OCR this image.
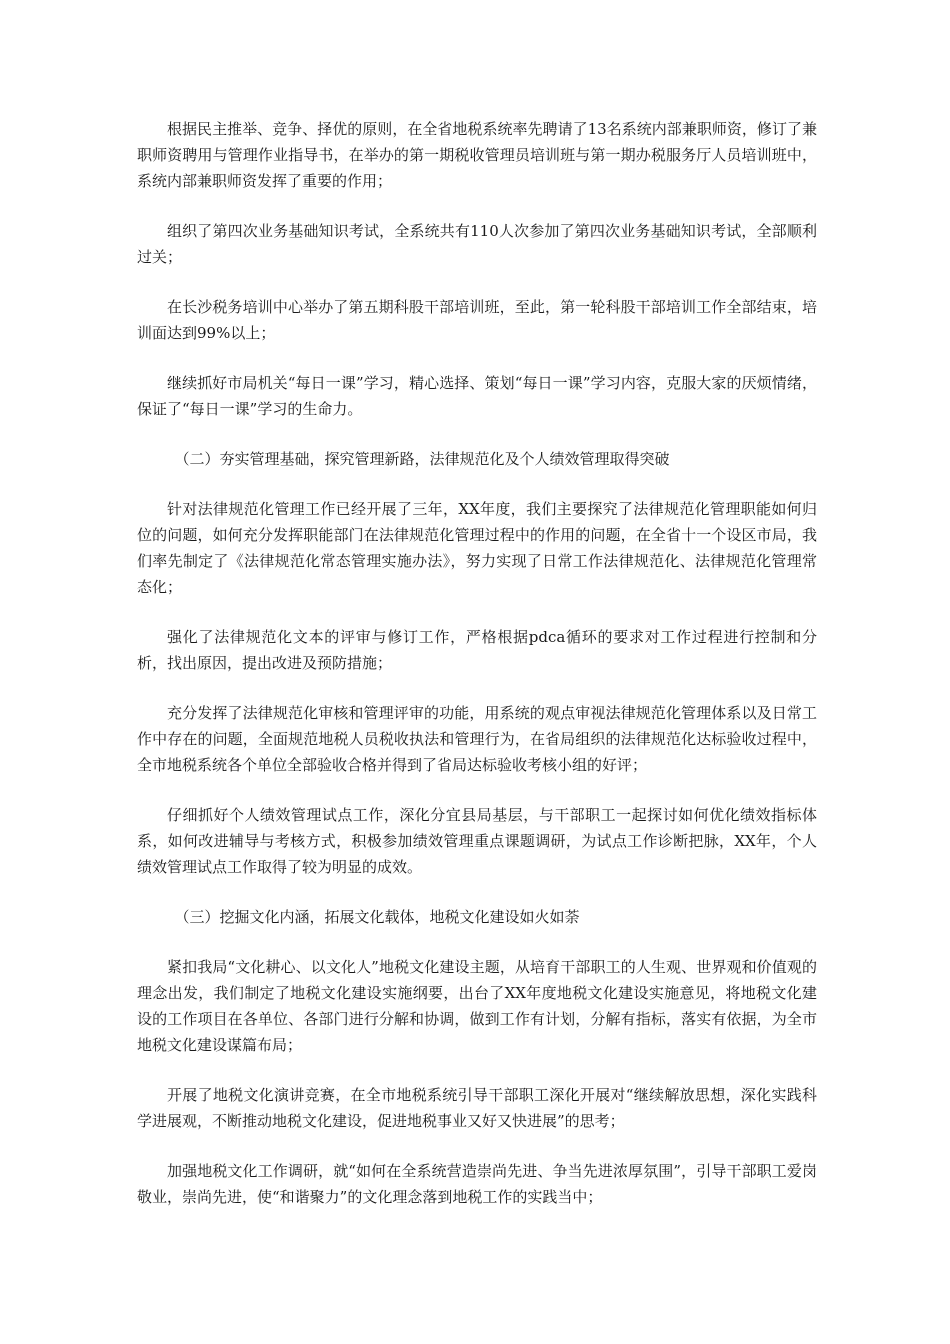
根据民主推举、竞争、择优的原则，在全省地税系统率先聘请了13名系统内部兼职师资，修订了兼职师资聘用与管理作业指导书，在举办的第一期税收管理员培训班与第一期办税服务厅人员培训班中，系统内部兼职师资发挥了重要的作用；

组织了第四次业务基础知识考试，全系统共有110人次参加了第四次业务基础知识考试，全部顺利过关；

在长沙税务培训中心举办了第五期科股干部培训班，至此，第一轮科股干部培训工作全部结束，培训面达到99%以上；

继续抓好市局机关“每日一课”学习，精心选择、策划“每日一课”学习内容，克服大家的厌烦情绪，保证了“每日一课”学习的生命力。

（二）夯实管理基础，探究管理新路，法律规范化及个人绩效管理取得突破

针对法律规范化管理工作已经开展了三年，XX年度，我们主要探究了法律规范化管理职能如何归位的问题，如何充分发挥职能部门在法律规范化管理过程中的作用的问题，在全省十一个设区市局，我们率先制定了《法律规范化常态管理实施办法》，努力实现了日常工作法律规范化、法律规范化管理常态化；

强化了法律规范化文本的评审与修订工作，严格根据pdca循环的要求对工作过程进行控制和分析，找出原因，提出改进及预防措施；

充分发挥了法律规范化审核和管理评审的功能，用系统的观点审视法律规范化管理体系以及日常工作中存在的问题，全面规范地税人员税收执法和管理行为，在省局组织的法律规范化达标验收过程中，全市地税系统各个单位全部验收合格并得到了省局达标验收考核小组的好评；

仔细抓好个人绩效管理试点工作，深化分宜县局基层，与干部职工一起探讨如何优化绩效指标体系，如何改进辅导与考核方式，积极参加绩效管理重点课题调研，为试点工作诊断把脉，XX年，个人绩效管理试点工作取得了较为明显的成效。

（三）挖掘文化内涵，拓展文化载体，地税文化建设如火如荼

紧扣我局“文化耕心、以文化人”地税文化建设主题，从培育干部职工的人生观、世界观和价值观的理念出发，我们制定了地税文化建设实施纲要，出台了XX年度地税文化建设实施意见，将地税文化建设的工作项目在各单位、各部门进行分解和协调，做到工作有计划，分解有指标，落实有依据，为全市地税文化建设谋篇布局；

开展了地税文化演讲竞赛，在全市地税系统引导干部职工深化开展对“继续解放思想，深化实践科学进展观，不断推动地税文化建设，促进地税事业又好又快进展”的思考；

加强地税文化工作调研，就“如何在全系统营造崇尚先进、争当先进浓厚氛围”，引导干部职工爱岗敬业，崇尚先进，使“和谐聚力”的文化理念落到地税工作的实践当中；
